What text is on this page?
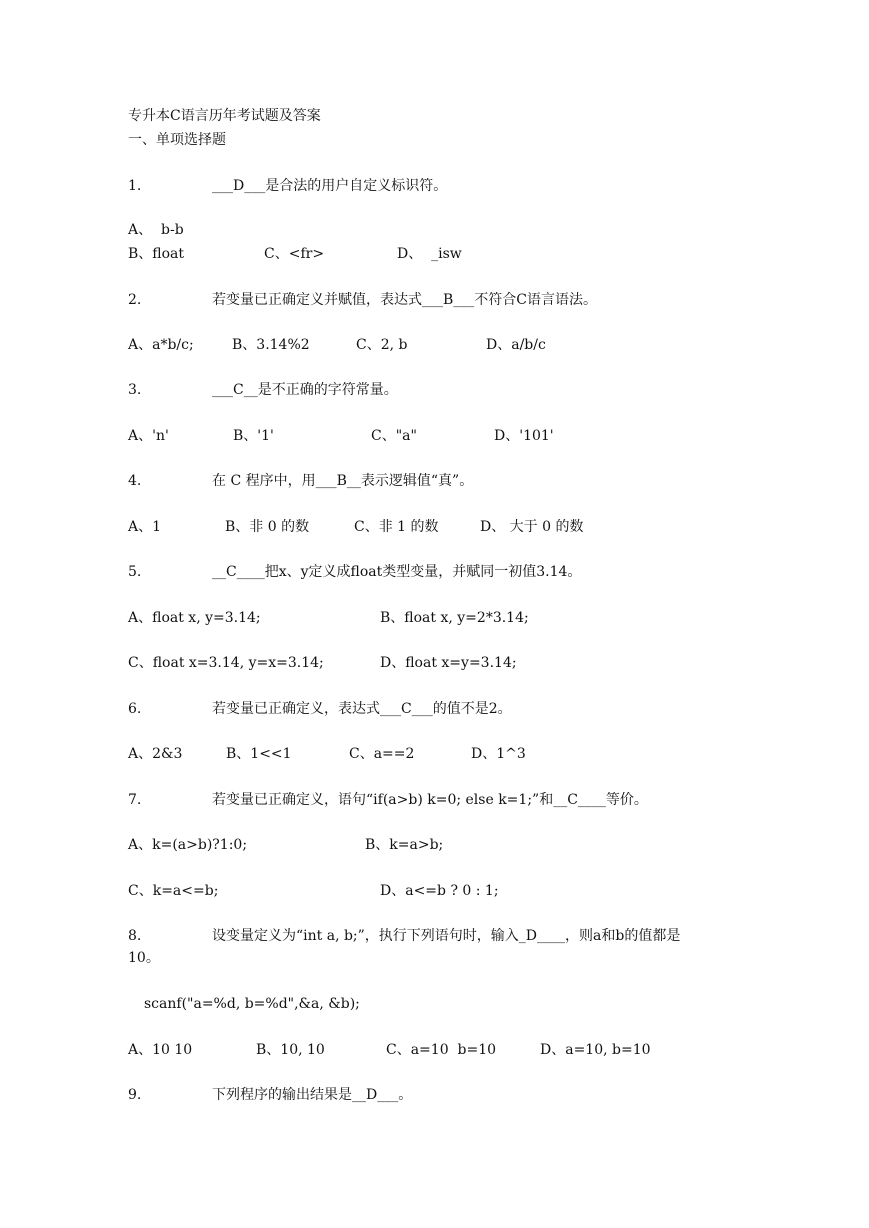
专升本C语言历年考试题及答案
一、单项选择题
1.	___D___是合法的用户自定义标识符。
A、  b-b
B、float	C、<fr>	D、  _isw
2.	若变量已正确定义并赋值，表达式___B___不符合C语言语法。
A、a*b/c;	B、3.14%2	C、2, b	D、a/b/c
3.	___C__是不正确的字符常量。
A、'n'	B、'1'	C、"a"	D、'101'
4.	在 C 程序中，用___B__表示逻辑值“真”。
A、1	B、非 0 的数	C、非 1 的数	D、 大于 0 的数
5.	__C____把x、y定义成float类型变量，并赋同一初值3.14。
A、float x, y=3.14;	B、float x, y=2*3.14;
C、float x=3.14, y=x=3.14;	D、float x=y=3.14;
6.	若变量已正确定义，表达式___C___的值不是2。
A、2&3	B、1<<1	C、a==2	D、1^3
7.	若变量已正确定义，语句“if(a>b) k=0; else k=1;”和__C____等价。
A、k=(a>b)?1:0;	B、k=a>b;
C、k=a<=b;	D、a<=b ? 0 : 1;
8.	设变量定义为“int a, b;”，执行下列语句时，输入_D____，则a和b的值都是
10。
scanf("a=%d, b=%d",&a, &b);
A、10 10	B、10, 10	C、a=10  b=10	D、a=10, b=10
9.	下列程序的输出结果是__D___。
